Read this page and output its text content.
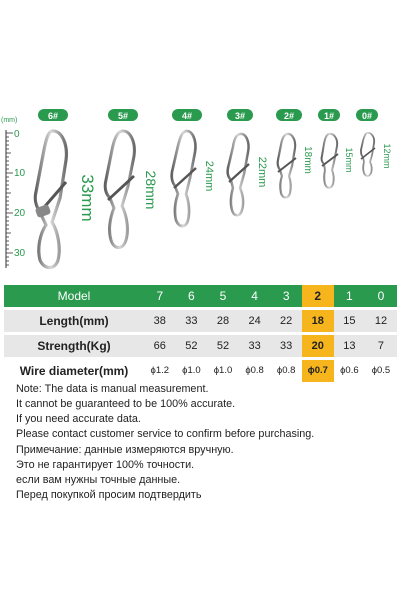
(mm)
0
10
20
30
6#
33mm
5#
28mm
4#
24mm
3#
22mm
2#
18mm
1#
15mm
0#
12mm
Model	7	6	5	4	3	2	1	0
Length(mm)	38	33	28	24	22	18	15	12
Strength(Kg)	66	52	52	33	33	20	13	7
Wire diameter(mm)	ϕ1.2	ϕ1.0	ϕ1.0	ϕ0.8	ϕ0.8	ϕ0.7	ϕ0.6	ϕ0.5

Note: The data is manual measurement.

It cannot be guaranteed to be 100% accurate.

If you need accurate data.

Please contact customer service to confirm before purchasing.

Примечание: данные измеряются вручную.

Это не гарантирует 100% точности.

если вам нужны точные данные.

Перед покупкой просим подтвердить
